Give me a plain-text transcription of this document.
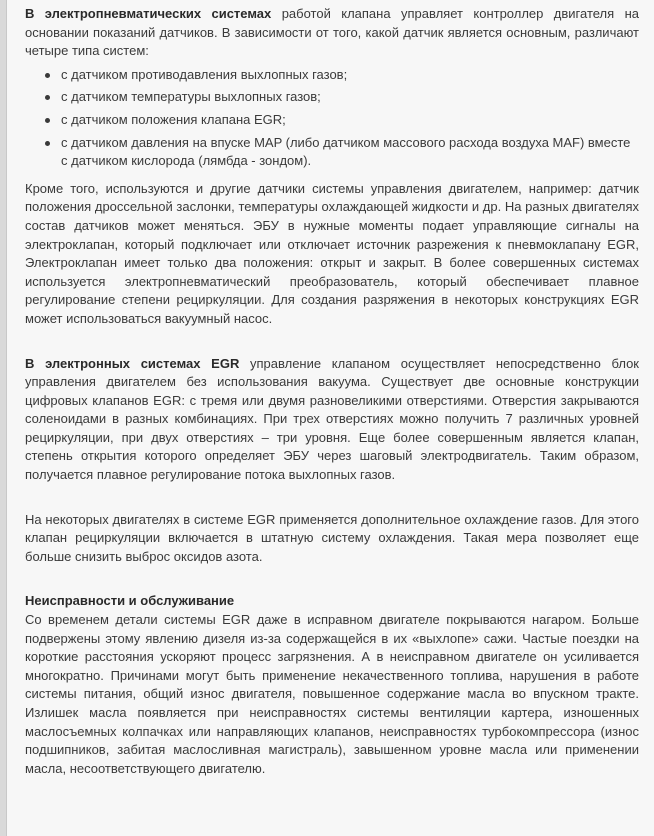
В электропневматических системах работой клапана управляет контроллер двигателя на основании показаний датчиков. В зависимости от того, какой датчик является основным, различают четыре типа систем:

с датчиком противодавления выхлопных газов;
с датчиком температуры выхлопных газов;
с датчиком положения клапана EGR;
с датчиком давления на впуске MAP (либо датчиком массового расхода воздуха MAF) вместе с датчиком кислорода (лямбда - зондом).

Кроме того, используются и другие датчики системы управления двигателем, например: датчик положения дроссельной заслонки, температуры охлаждающей жидкости и др. На разных двигателях состав датчиков может меняться. ЭБУ в нужные моменты подает управляющие сигналы на электроклапан, который подключает или отключает источник разрежения к пневмоклапану EGR, Электроклапан имеет только два положения: открыт и закрыт. В более совершенных системах используется электропневматический преобразователь, который обеспечивает плавное регулирование степени рециркуляции. Для создания разряжения в некоторых конструкциях EGR может использоваться вакуумный насос.

В электронных системах EGR управление клапаном осуществляет непосредственно блок управления двигателем без использования вакуума. Существует две основные конструкции цифровых клапанов EGR: с тремя или двумя разновеликими отверстиями. Отверстия закрываются соленоидами в разных комбинациях. При трех отверстиях можно получить 7 различных уровней рециркуляции, при двух отверстиях – три уровня. Еще более совершенным является клапан, степень открытия которого определяет ЭБУ через шаговый электродвигатель. Таким образом, получается плавное регулирование потока выхлопных газов.

На некоторых двигателях в системе EGR применяется дополнительное охлаждение газов. Для этого клапан рециркуляции включается в штатную систему охлаждения. Такая мера позволяет еще больше снизить выброс оксидов азота.

Неисправности и обслуживание
Со временем детали системы EGR даже в исправном двигателе покрываются нагаром. Больше подвержены этому явлению дизеля из-за содержащейся в их «выхлопе» сажи. Частые поездки на короткие расстояния ускоряют процесс загрязнения. А в неисправном двигателе он усиливается многократно. Причинами могут быть применение некачественного топлива, нарушения в работе системы питания, общий износ двигателя, повышенное содержание масла во впускном тракте. Излишек масла появляется при неисправностях системы вентиляции картера, изношенных маслосъемных колпачках или направляющих клапанов, неисправностях турбокомпрессора (износ подшипников, забитая маслосливная магистраль), завышенном уровне масла или применении масла, несоответствующего двигателю.
